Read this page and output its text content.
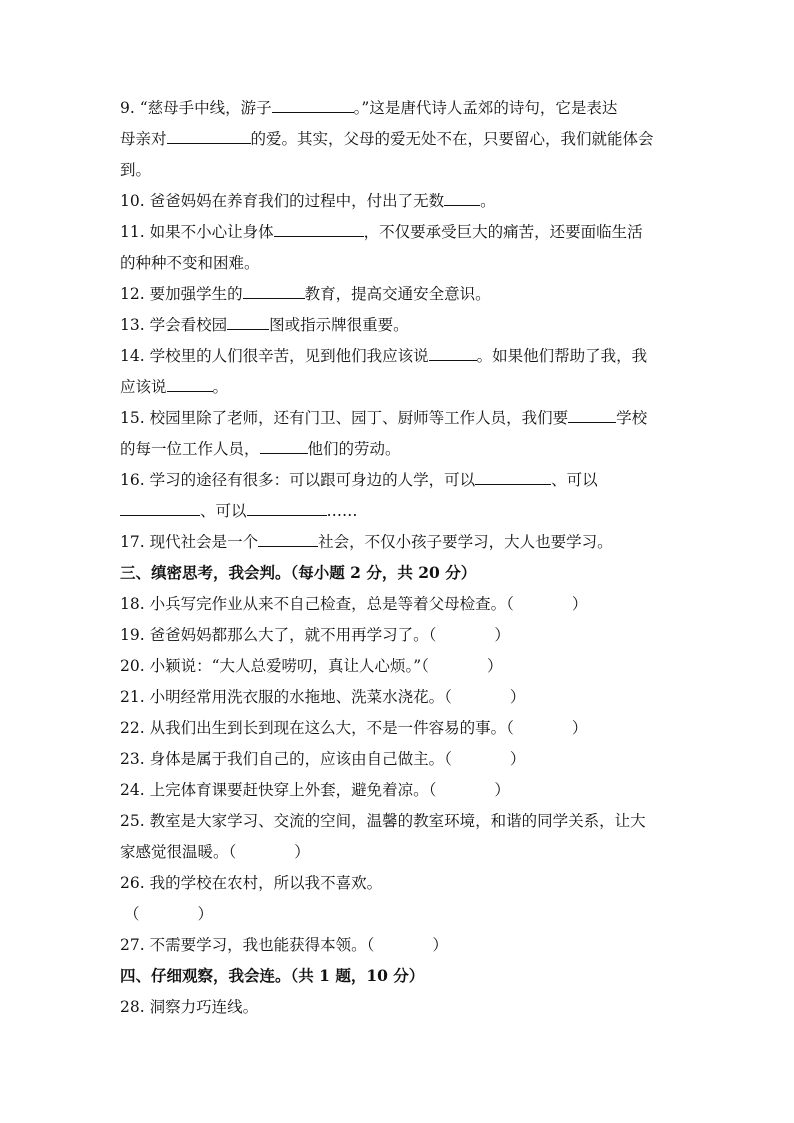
9. “慈母手中线，游子	。”这是唐代诗人孟郊的诗句，它是表达
母亲对	的爱。其实，父母的爱无处不在，只要留心，我们就能体会
到。
10. 爸爸妈妈在养育我们的过程中，付出了无数 。
11. 如果不小心让身体	，不仅要承受巨大的痛苦，还要面临生活
的种种不变和困难。
12. 要加强学生的	教育，提高交通安全意识。
13. 学会看校园	图或指示牌很重要。
14. 学校里的人们很辛苦，见到他们我应该说	。如果他们帮助了我，我
应该说	。
15. 校园里除了老师，还有门卫、园丁、厨师等工作人员，我们要	学校
的每一位工作人员，	他们的劳动。
16. 学习的途径有很多：可以跟可身边的人学，可以	、可以
、可以	……
17. 现代社会是一个	社会，不仅小孩子要学习，大人也要学习。
三、缜密思考，我会判。（每小题 2 分，共 20 分）
18. 小兵写完作业从来不自己检查，总是等着父母检查。（	）
19. 爸爸妈妈都那么大了，就不用再学习了。（	）
20. 小颖说：“大人总爱唠叨，真让人心烦。”（	）
21. 小明经常用洗衣服的水拖地、洗菜水浇花。（	）
22. 从我们出生到长到现在这么大，不是一件容易的事。（	）
23. 身体是属于我们自己的，应该由自己做主。（	）
24. 上完体育课要赶快穿上外套，避免着凉。（	）
25. 教室是大家学习、交流的空间，温馨的教室环境，和谐的同学关系，让大
家感觉很温暖。（	）
26. 我的学校在农村，所以我不喜欢。
（	）
27. 不需要学习，我也能获得本领。（	）
四、仔细观察，我会连。（共 1 题，10 分）
28. 洞察力巧连线。
